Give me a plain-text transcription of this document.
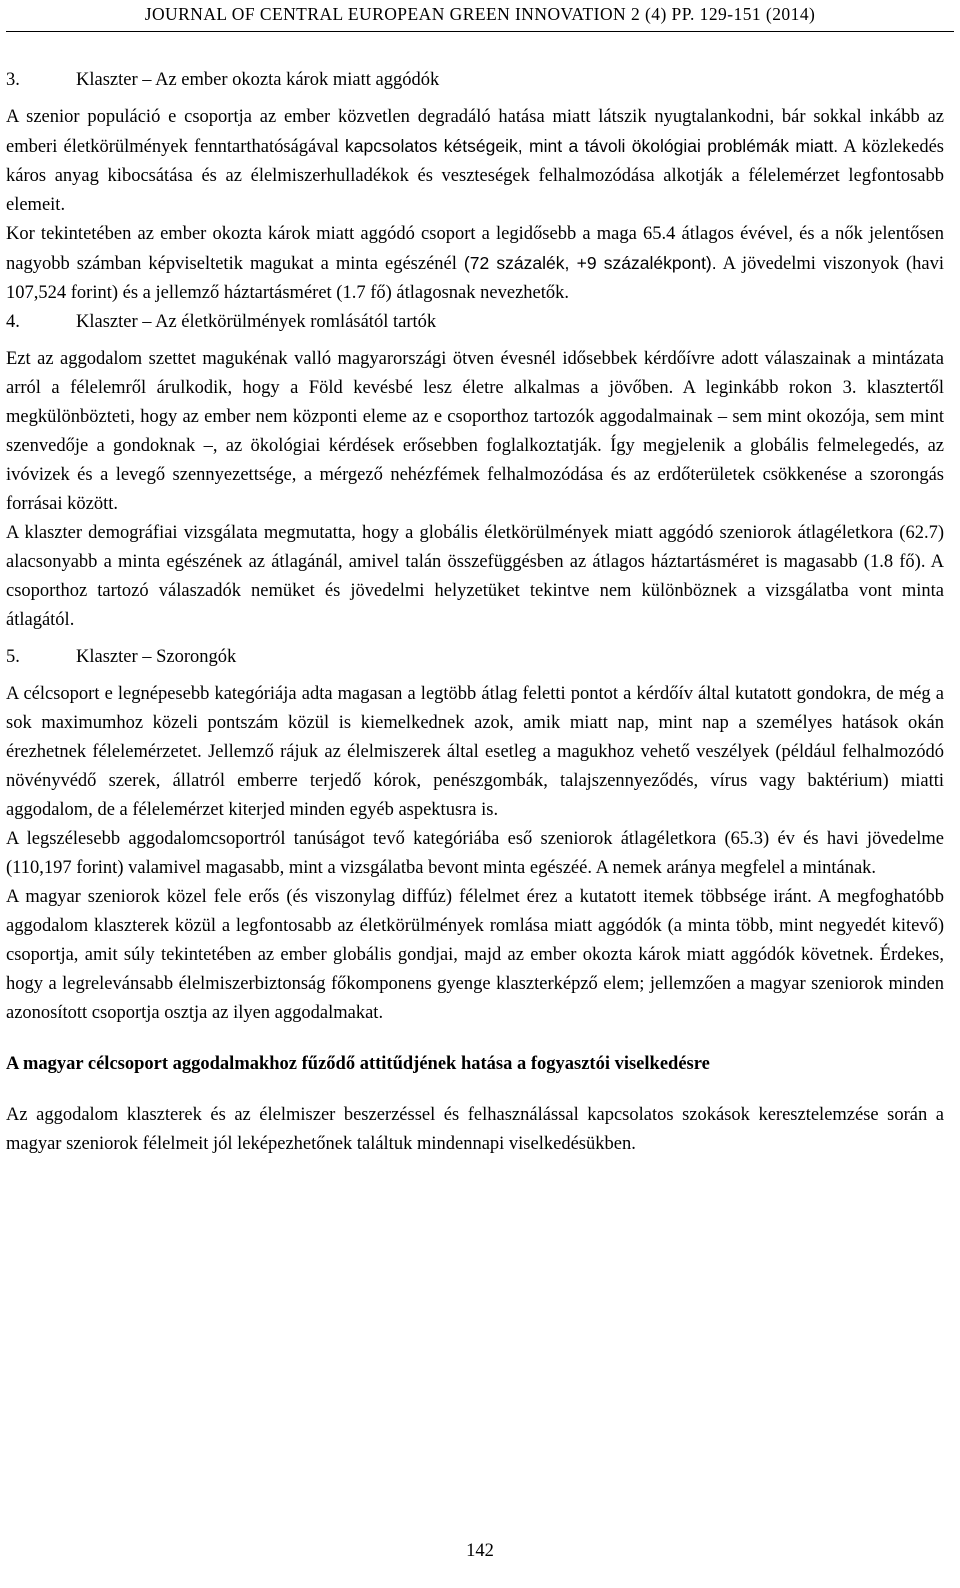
JOURNAL OF CENTRAL EUROPEAN GREEN INNOVATION 2 (4) PP. 129-151 (2014)
3.	Klaszter – Az ember okozta károk miatt aggódók

A szenior populáció e csoportja az ember közvetlen degradáló hatása miatt látszik nyugtalankodni, bár sokkal inkább az emberi életkörülmények fenntarthatóságával kapcsolatos kétségeik, mint a távoli ökológiai problémák miatt. A közlekedés káros anyag kibocsátása és az élelmiszerhulladékok és veszteségek felhalmozódása alkotják a félelemérzet legfontosabb elemeit.

Kor tekintetében az ember okozta károk miatt aggódó csoport a legidősebb a maga 65.4 átlagos évével, és a nők jelentősen nagyobb számban képviseltetik magukat a minta egészénél (72 százalék, +9 százalékpont). A jövedelmi viszonyok (havi 107,524 forint) és a jellemző háztartásméret (1.7 fő) átlagosnak nevezhetők.

4.	Klaszter – Az életkörülmények romlásától tartók

Ezt az aggodalom szettet magukénak valló magyarországi ötven évesnél idősebbek kérdőívre adott válaszainak a mintázata arról a félelemről árulkodik, hogy a Föld kevésbé lesz életre alkalmas a jövőben. A leginkább rokon 3. klasztertől megkülönbözteti, hogy az ember nem központi eleme az e csoporthoz tartozók aggodalmainak – sem mint okozója, sem mint szenvedője a gondoknak –, az ökológiai kérdések erősebben foglalkoztatják. Így megjelenik a globális felmelegedés, az ivóvizek és a levegő szennyezettsége, a mérgező nehézfémek felhalmozódása és az erdőterületek csökkenése a szorongás forrásai között.

A klaszter demográfiai vizsgálata megmutatta, hogy a globális életkörülmények miatt aggódó szeniorok átlagéletkora (62.7) alacsonyabb a minta egészének az átlagánál, amivel talán összefüggésben az átlagos háztartásméret is magasabb (1.8 fő). A csoporthoz tartozó válaszadók nemüket és jövedelmi helyzetüket tekintve nem különböznek a vizsgálatba vont minta átlagától.

5.	Klaszter – Szorongók

A célcsoport e legnépesebb kategóriája adta magasan a legtöbb átlag feletti pontot a kérdőív által kutatott gondokra, de még a sok maximumhoz közeli pontszám közül is kiemelkednek azok, amik miatt nap, mint nap a személyes hatások okán érezhetnek félelemérzetet. Jellemző rájuk az élelmiszerek által esetleg a magukhoz vehető veszélyek (például felhalmozódó növényvédő szerek, állatról emberre terjedő kórok, penészgombák, talajszennyeződés, vírus vagy baktérium) miatti aggodalom, de a félelemérzet kiterjed minden egyéb aspektusra is.

A legszélesebb aggodalomcsoportról tanúságot tevő kategóriába eső szeniorok átlagéletkora (65.3) év és havi jövedelme (110,197 forint) valamivel magasabb, mint a vizsgálatba bevont minta egészéé. A nemek aránya megfelel a mintának.

A magyar szeniorok közel fele erős (és viszonylag diffúz) félelmet érez a kutatott itemek többsége iránt. A megfoghatóbb aggodalom klaszterek közül a legfontosabb az életkörülmények romlása miatt aggódók (a minta több, mint negyedét kitevő) csoportja, amit súly tekintetében az ember globális gondjai, majd az ember okozta károk miatt aggódók követnek. Érdekes, hogy a legrelevánsabb élelmiszerbiztonság főkomponens gyenge klaszterképző elem; jellemzően a magyar szeniorok minden azonosított csoportja osztja az ilyen aggodalmakat.

A magyar célcsoport aggodalmakhoz fűződő attitűdjének hatása a fogyasztói viselkedésre

Az aggodalom klaszterek és az élelmiszer beszerzéssel és felhasználással kapcsolatos szokások keresztelemzése során a magyar szeniorok félelmeit jól leképezhetőnek találtuk mindennapi viselkedésükben.

142
